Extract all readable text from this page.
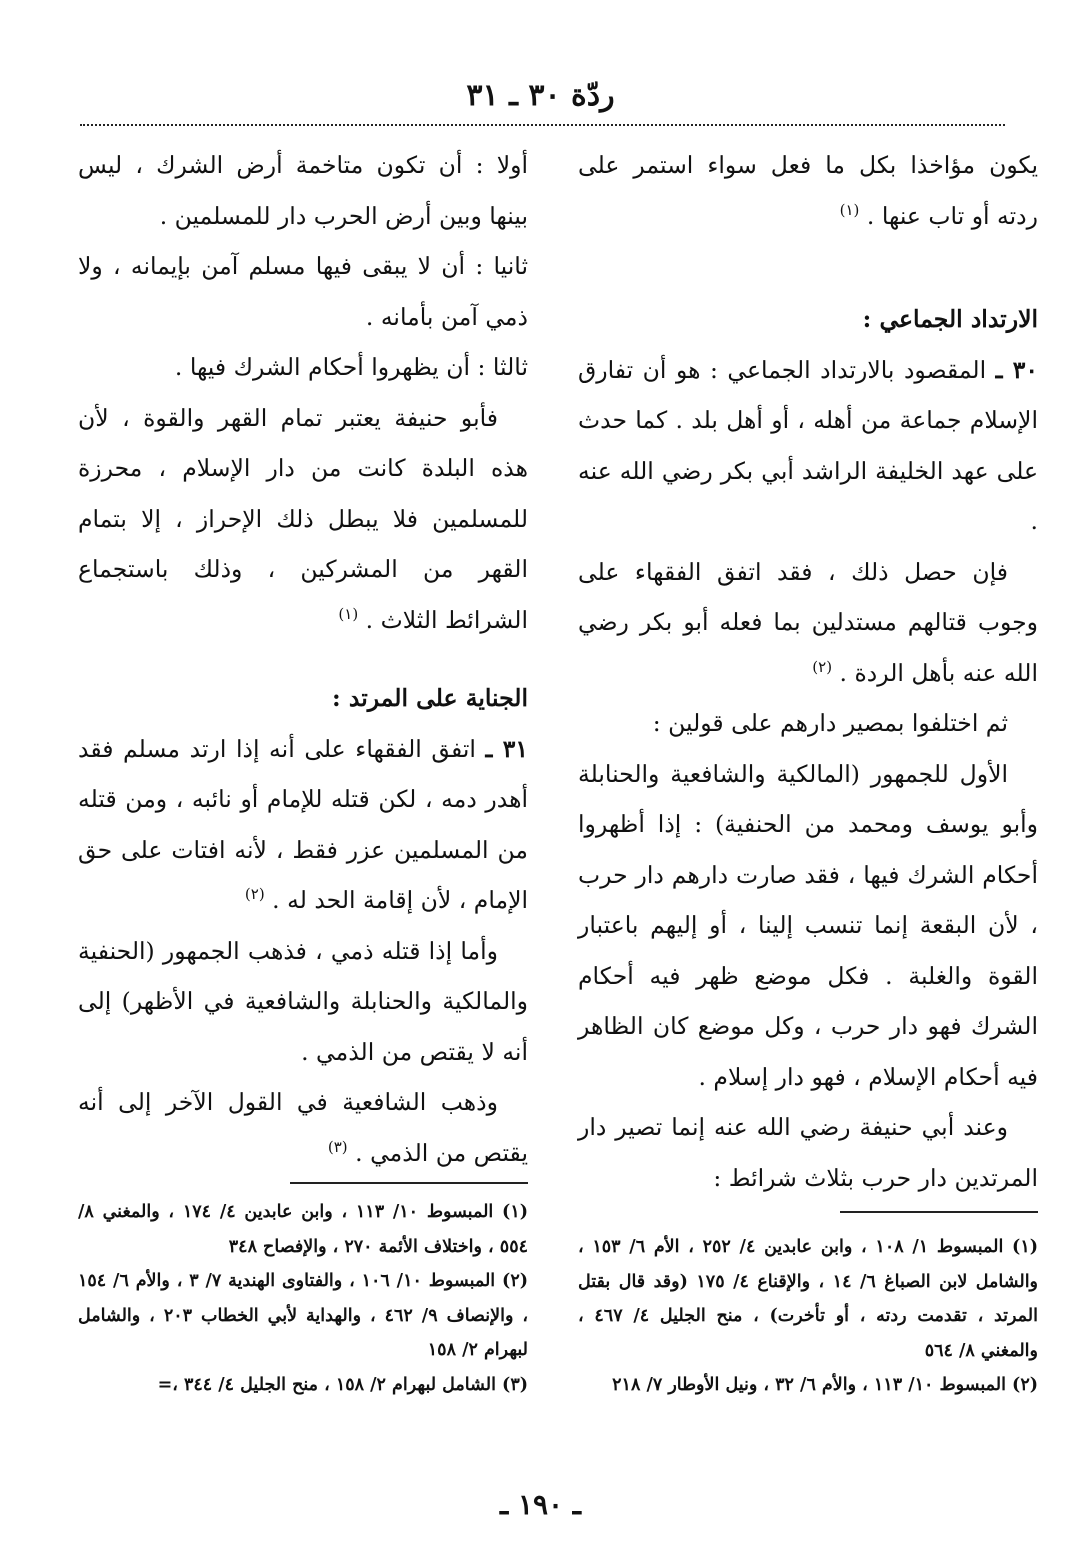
ردّة ٣٠ ـ ٣١

يكون مؤاخذا بكل ما فعل سواء استمر على ردته أو تاب عنها . $^{(١)}$

الارتداد الجماعي :

٣٠ ـ المقصود بالارتداد الجماعي : هو أن تفارق الإسلام جماعة من أهله ، أو أهل بلد . كما حدث على عهد الخليفة الراشد أبي بكر رضي الله عنه .

فإن حصل ذلك ، فقد اتفق الفقهاء على وجوب قتالهم مستدلين بما فعله أبو بكر رضي الله عنه بأهل الردة . $^{(٢)}$

ثم اختلفوا بمصير دارهم على قولين :

الأول للجمهور (المالكية والشافعية والحنابلة وأبو يوسف ومحمد من الحنفية) : إذا أظهروا أحكام الشرك فيها ، فقد صارت دارهم دار حرب ، لأن البقعة إنما تنسب إلينا ، أو إليهم باعتبار القوة والغلبة . فكل موضع ظهر فيه أحكام الشرك فهو دار حرب ، وكل موضع كان الظاهر فيه أحكام الإسلام ، فهو دار إسلام .

وعند أبي حنيفة رضي الله عنه إنما تصير دار المرتدين دار حرب بثلاث شرائط :

أولا : أن تكون متاخمة أرض الشرك ، ليس بينها وبين أرض الحرب دار للمسلمين .

ثانيا : أن لا يبقى فيها مسلم آمن بإيمانه ، ولا ذمي آمن بأمانه .

ثالثا : أن يظهروا أحكام الشرك فيها .

فأبو حنيفة يعتبر تمام القهر والقوة ، لأن هذه البلدة كانت من دار الإسلام ، محرزة للمسلمين فلا يبطل ذلك الإحراز ، إلا بتمام القهر من المشركين ، وذلك باستجماع الشرائط الثلاث . $^{(١)}$

الجناية على المرتد :

٣١ ـ اتفق الفقهاء على أنه إذا ارتد مسلم فقد أهدر دمه ، لكن قتله للإمام أو نائبه ، ومن قتله من المسلمين عزر فقط ، لأنه افتات على حق الإمام ، لأن إقامة الحد له . $^{(٢)}$

وأما إذا قتله ذمي ، فذهب الجمهور (الحنفية والمالكية والحنابلة والشافعية في الأظهر) إلى أنه لا يقتص من الذمي .

وذهب الشافعية في القول الآخر إلى أنه يقتص من الذمي . $^{(٣)}$

(١) المبسوط ١/ ١٠٨ ، وابن عابدين ٤/ ٢٥٢ ، الأم ٦/ ١٥٣ ، والشامل لابن الصباغ ٦/ ١٤ ، والإقناع ٤/ ١٧٥ (وقد قال بقتل المرتد ، تقدمت ردته ، أو تأخرت) ، منح الجليل ٤/ ٤٦٧ ، والمغني ٨/ ٥٦٤

(٢) المبسوط ١٠/ ١١٣ ، والأم ٦/ ٣٢ ، ونيل الأوطار ٧/ ٢١٨

(١) المبسوط ١٠/ ١١٣ ، وابن عابدين ٤/ ١٧٤ ، والمغني ٨/ ٥٥٤ ، واختلاف الأئمة ٢٧٠ ، والإفصاح ٣٤٨

(٢) المبسوط ١٠/ ١٠٦ ، والفتاوى الهندية ٧/ ٣ ، والأم ٦/ ١٥٤ ، والإنصاف ٩/ ٤٦٢ ، والهداية لأبي الخطاب ٢٠٣ ، والشامل لبهرام ٢/ ١٥٨

(٣) الشامل لبهرام ٢/ ١٥٨ ، منح الجليل ٤/ ٣٤٤ ،=

ـ ١٩٠ ـ
